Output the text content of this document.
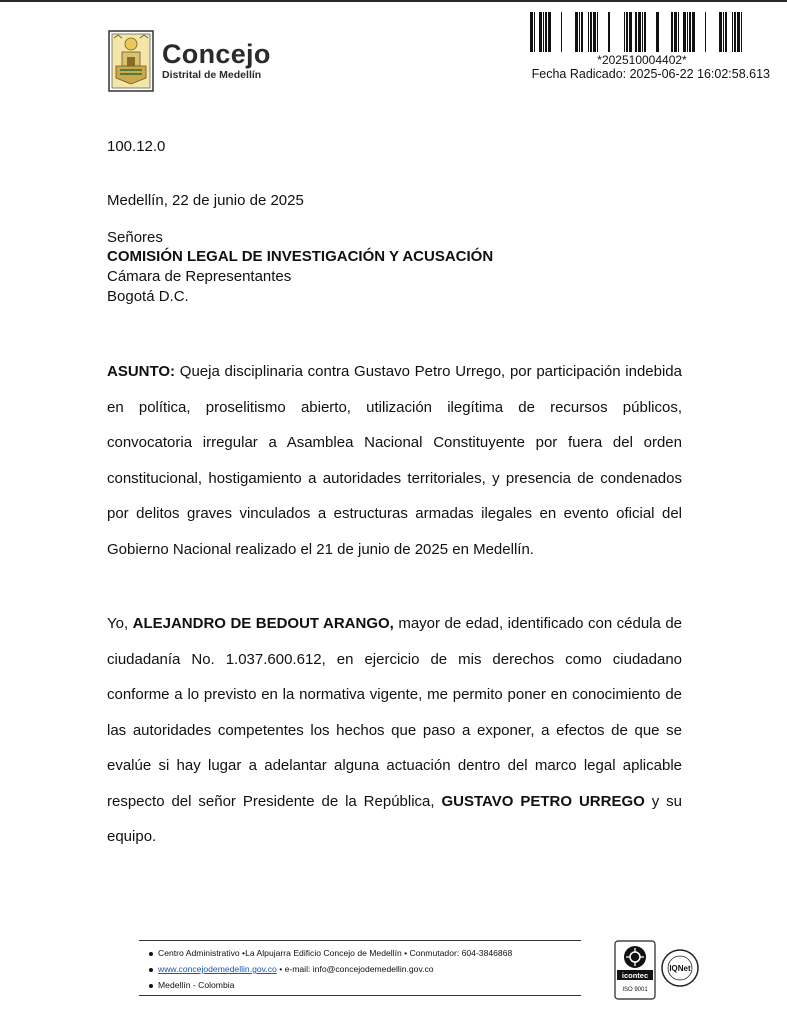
Concejo
Distrital de Medellín
*202510004402*
Fecha Radicado: 2025-06-22 16:02:58.613
100.12.0
Medellín, 22 de junio de 2025
Señores
COMISIÓN LEGAL DE INVESTIGACIÓN Y ACUSACIÓN
Cámara de Representantes
Bogotá D.C.
ASUNTO: Queja disciplinaria contra Gustavo Petro Urrego, por participación indebida en política, proselitismo abierto, utilización ilegítima de recursos públicos, convocatoria irregular a Asamblea Nacional Constituyente por fuera del orden constitucional, hostigamiento a autoridades territoriales, y presencia de condenados por delitos graves vinculados a estructuras armadas ilegales en evento oficial del Gobierno Nacional realizado el 21 de junio de 2025 en Medellín.
Yo, ALEJANDRO DE BEDOUT ARANGO, mayor de edad, identificado con cédula de ciudadanía No. 1.037.600.612, en ejercicio de mis derechos como ciudadano conforme a lo previsto en la normativa vigente, me permito poner en conocimiento de las autoridades competentes los hechos que paso a exponer, a efectos de que se evalúe si hay lugar a adelantar alguna actuación dentro del marco legal aplicable respecto del señor Presidente de la República, GUSTAVO PETRO URREGO y su equipo.
Centro Administrativo •La Alpujarra Edificio Concejo de Medellín • Conmutador: 604-3846868
www.concejodemedellin.gov.co • e-mail: info@concejodemedellin.gov.co
Medellín - Colombia
icontec
ISO 9001
IQNet
